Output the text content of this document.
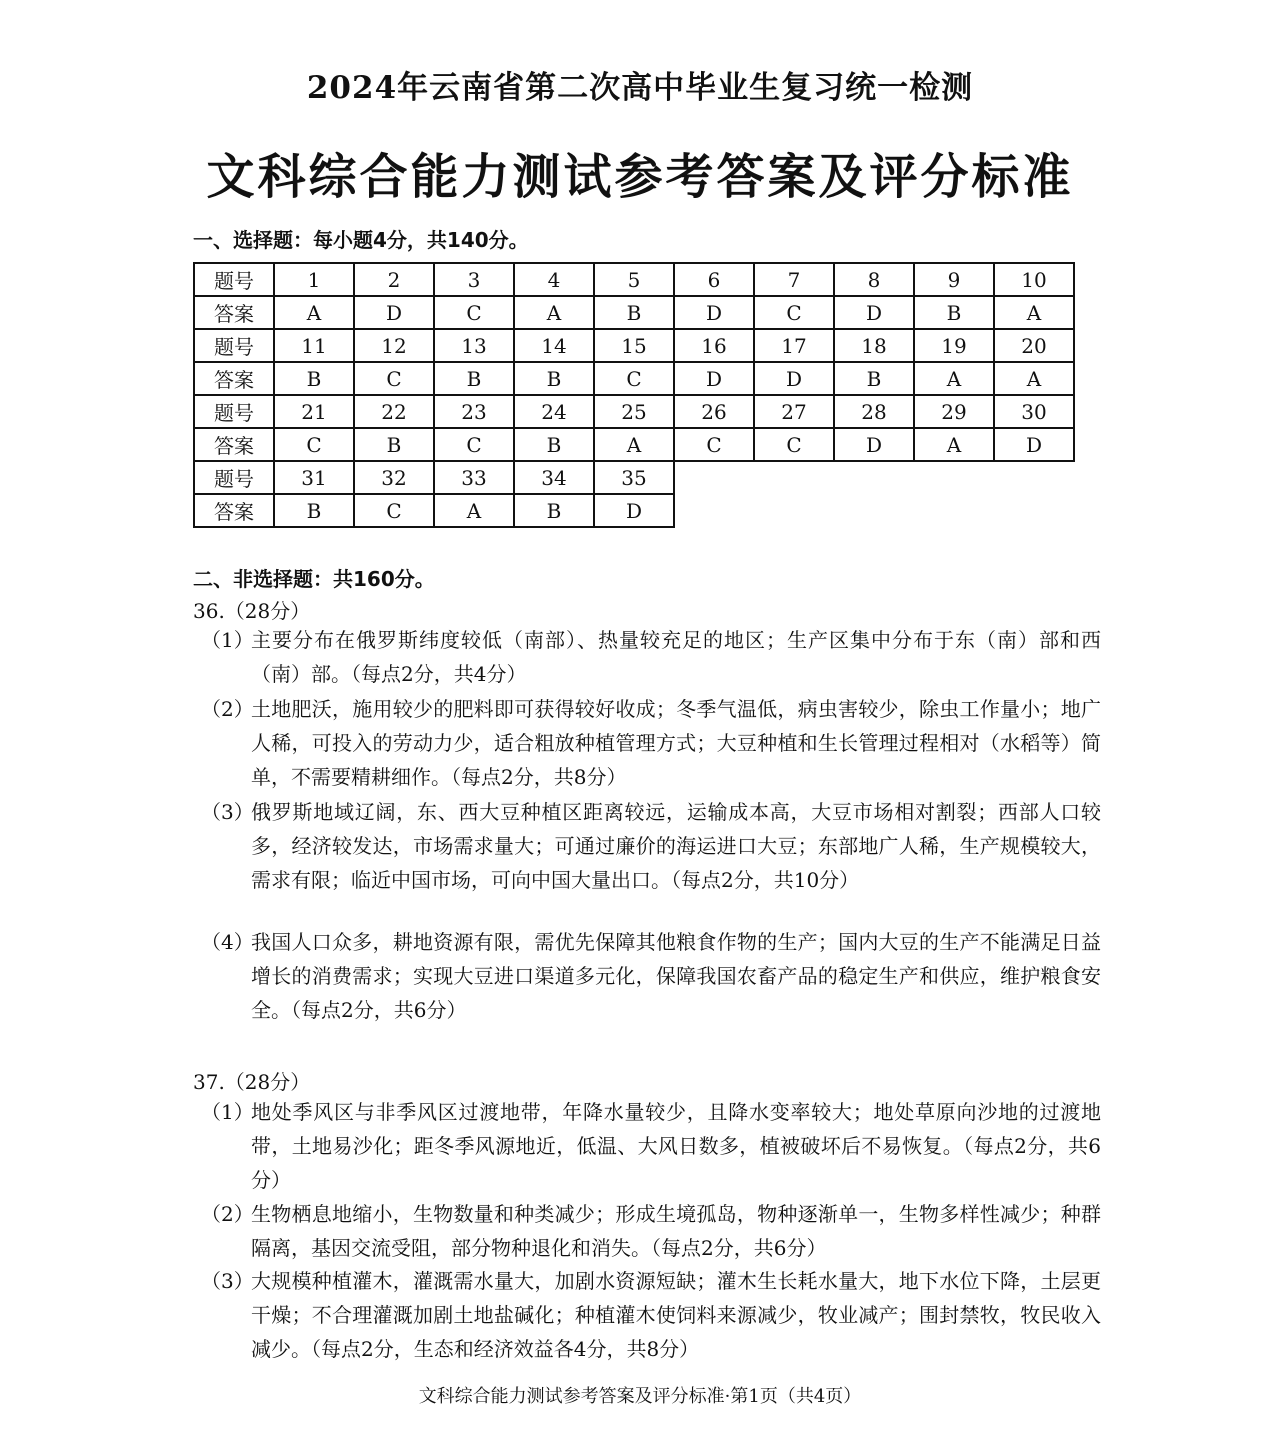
2024年云南省第二次高中毕业生复习统一检测
文科综合能力测试参考答案及评分标准
一、选择题：每小题4分，共140分。
题号	1	2	3	4	5	6	7	8	9	10
答案	A	D	C	A	B	D	C	D	B	A
题号	11	12	13	14	15	16	17	18	19	20
答案	B	C	B	B	C	D	D	B	A	A
题号	21	22	23	24	25	26	27	28	29	30
答案	C	B	C	B	A	C	C	D	A	D
题号	31	32	33	34	35					
答案	B	C	A	B	D					
二、非选择题：共160分。
36.（28分）
（1）
主要分布在俄罗斯纬度较低（南部）、热量较充足的地区；生产区集中分布于东（南）部和西（南）部。（每点2分，共4分）
（2）
土地肥沃，施用较少的肥料即可获得较好收成；冬季气温低，病虫害较少，除虫工作量小；地广人稀，可投入的劳动力少，适合粗放种植管理方式；大豆种植和生长管理过程相对（水稻等）简单，不需要精耕细作。（每点2分，共8分）
（3）
俄罗斯地域辽阔，东、西大豆种植区距离较远，运输成本高，大豆市场相对割裂；西部人口较多，经济较发达，市场需求量大；可通过廉价的海运进口大豆；东部地广人稀，生产规模较大，需求有限；临近中国市场，可向中国大量出口。（每点2分，共10分）
（4）
我国人口众多，耕地资源有限，需优先保障其他粮食作物的生产；国内大豆的生产不能满足日益增长的消费需求；实现大豆进口渠道多元化，保障我国农畜产品的稳定生产和供应，维护粮食安全。（每点2分，共6分）
37.（28分）
（1）
地处季风区与非季风区过渡地带，年降水量较少，且降水变率较大；地处草原向沙地的过渡地带，土地易沙化；距冬季风源地近，低温、大风日数多，植被破坏后不易恢复。（每点2分，共6分）
（2）
生物栖息地缩小，生物数量和种类减少；形成生境孤岛，物种逐渐单一，生物多样性减少；种群隔离，基因交流受阻，部分物种退化和消失。（每点2分，共6分）
（3）
大规模种植灌木，灌溉需水量大，加剧水资源短缺；灌木生长耗水量大，地下水位下降，土层更干燥；不合理灌溉加剧土地盐碱化；种植灌木使饲料来源减少，牧业减产；围封禁牧，牧民收入减少。（每点2分，生态和经济效益各4分，共8分）
文科综合能力测试参考答案及评分标准·第1页（共4页）
